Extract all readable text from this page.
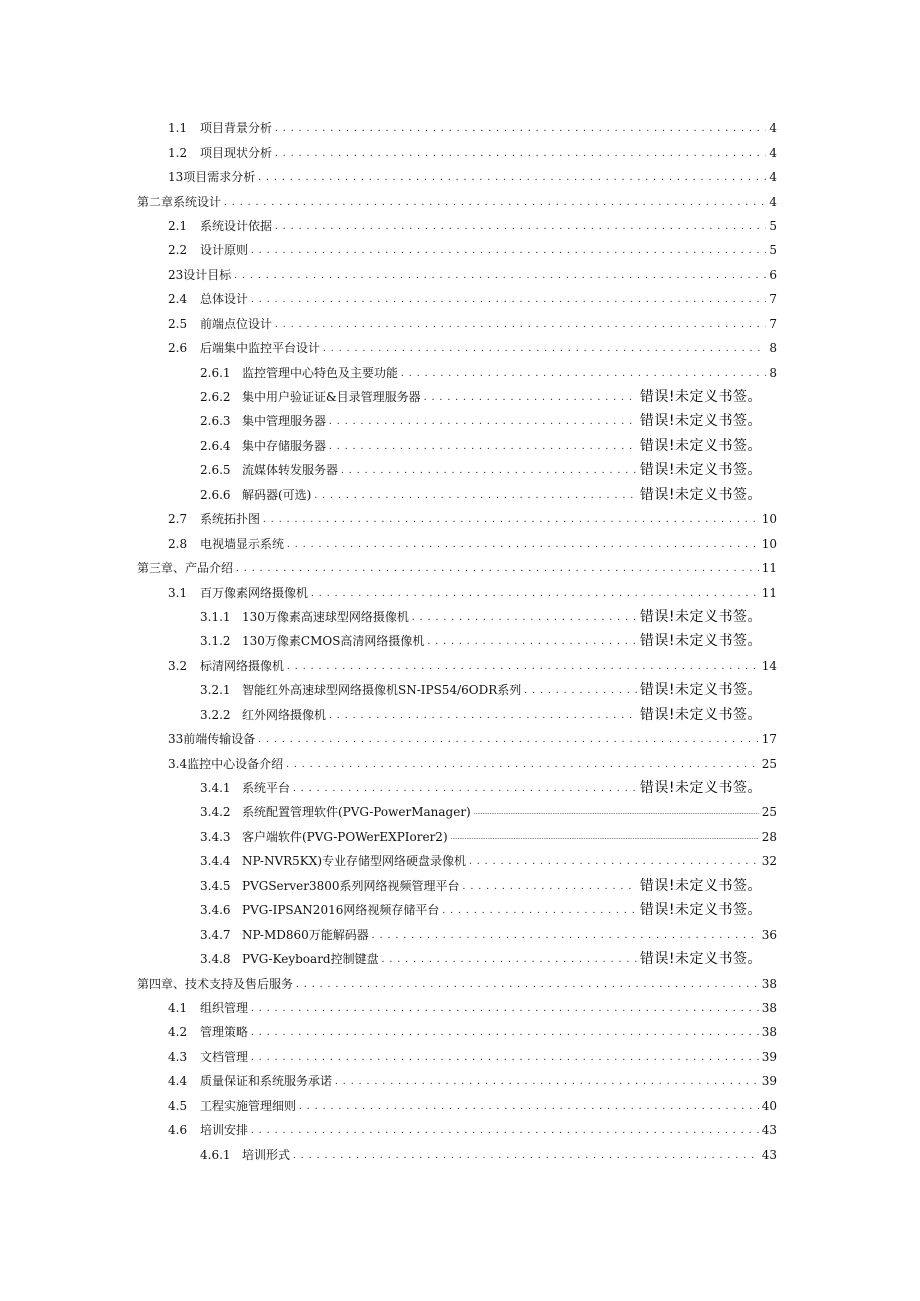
1.1	项目背景分析 . . .	4
1.2	项目现状分析 . . .	4
13项目需求分析 . . .	4
第二章系统设计 . . .	4
2.1	系统设计依据 . . .	5
2.2	设计原则 . . .	5
23设计目标 . . .	6
2.4	总体设计 . . .	7
2.5	前端点位设计 . . .	7
2.6	后端集中监控平台设计 . . .	8
2.6.1 监控管理中心特色及主要功能 . . .	8
2.6.2 集中用户验证证&目录管理服务器 . . .	错误!未定义书签。
2.6.3 集中管理服务器 . . .	错误!未定义书签。
2.6.4 集中存储服务器 . . .	错误!未定义书签。
2.6.5 流媒体转发服务器 . . .	错误!未定义书签。
2.6.6 解码器(可选) . . .	错误!未定义书签。
2.7	系统拓扑图 . . .	10
2.8	电视墙显示系统 . . .	10
第三章、产品介绍 . . .	11
3.1	百万像素网络摄像机 . . .	11
3.1.1 130万像素高速球型网络摄像机 . . .	错误!未定义书签。
3.1.2 130万像素CMOS高清网络摄像机 . . .	错误!未定义书签。
3.2	标清网络摄像机 . . .	14
3.2.1 智能红外高速球型网络摄像机SN-IPS54/6ODR系列 . . .	错误!未定义书签。
3.2.2 红外网络摄像机 . . .	错误!未定义书签。
33前端传输设备 . . .	17
3.4监控中心设备介绍 . . .	25
3.4.1 系统平台 . . .	错误!未定义书签。
3.4.2 系统配置管理软件(PVG-PowerManager) .....	25
3.4.3 客户端软件(PVG-POWerEXPIorer2) .....	28
3.4.4 NP-NVR5KX)专业存储型网络硬盘录像机 . . .	32
3.4.5 PVGServer3800系列网络视频管理平台 . . .	错误!未定义书签。
3.4.6 PVG-IPSAN2016网络视频存储平台 . . .	错误!未定义书签。
3.4.7 NP-MD860万能解码器 . . .	36
3.4.8 PVG-Keyboard控制键盘 . . .	错误!未定义书签。
第四章、技术支持及售后服务 . . .	38
4.1	组织管理 . . .	38
4.2	管理策略 . . .	38
4.3	文档管理 . . .	39
4.4	质量保证和系统服务承诺 . . .	39
4.5	工程实施管理细则 . . .	40
4.6	培训安排 . . .	43
4.6.1 培训形式 . . .	43
